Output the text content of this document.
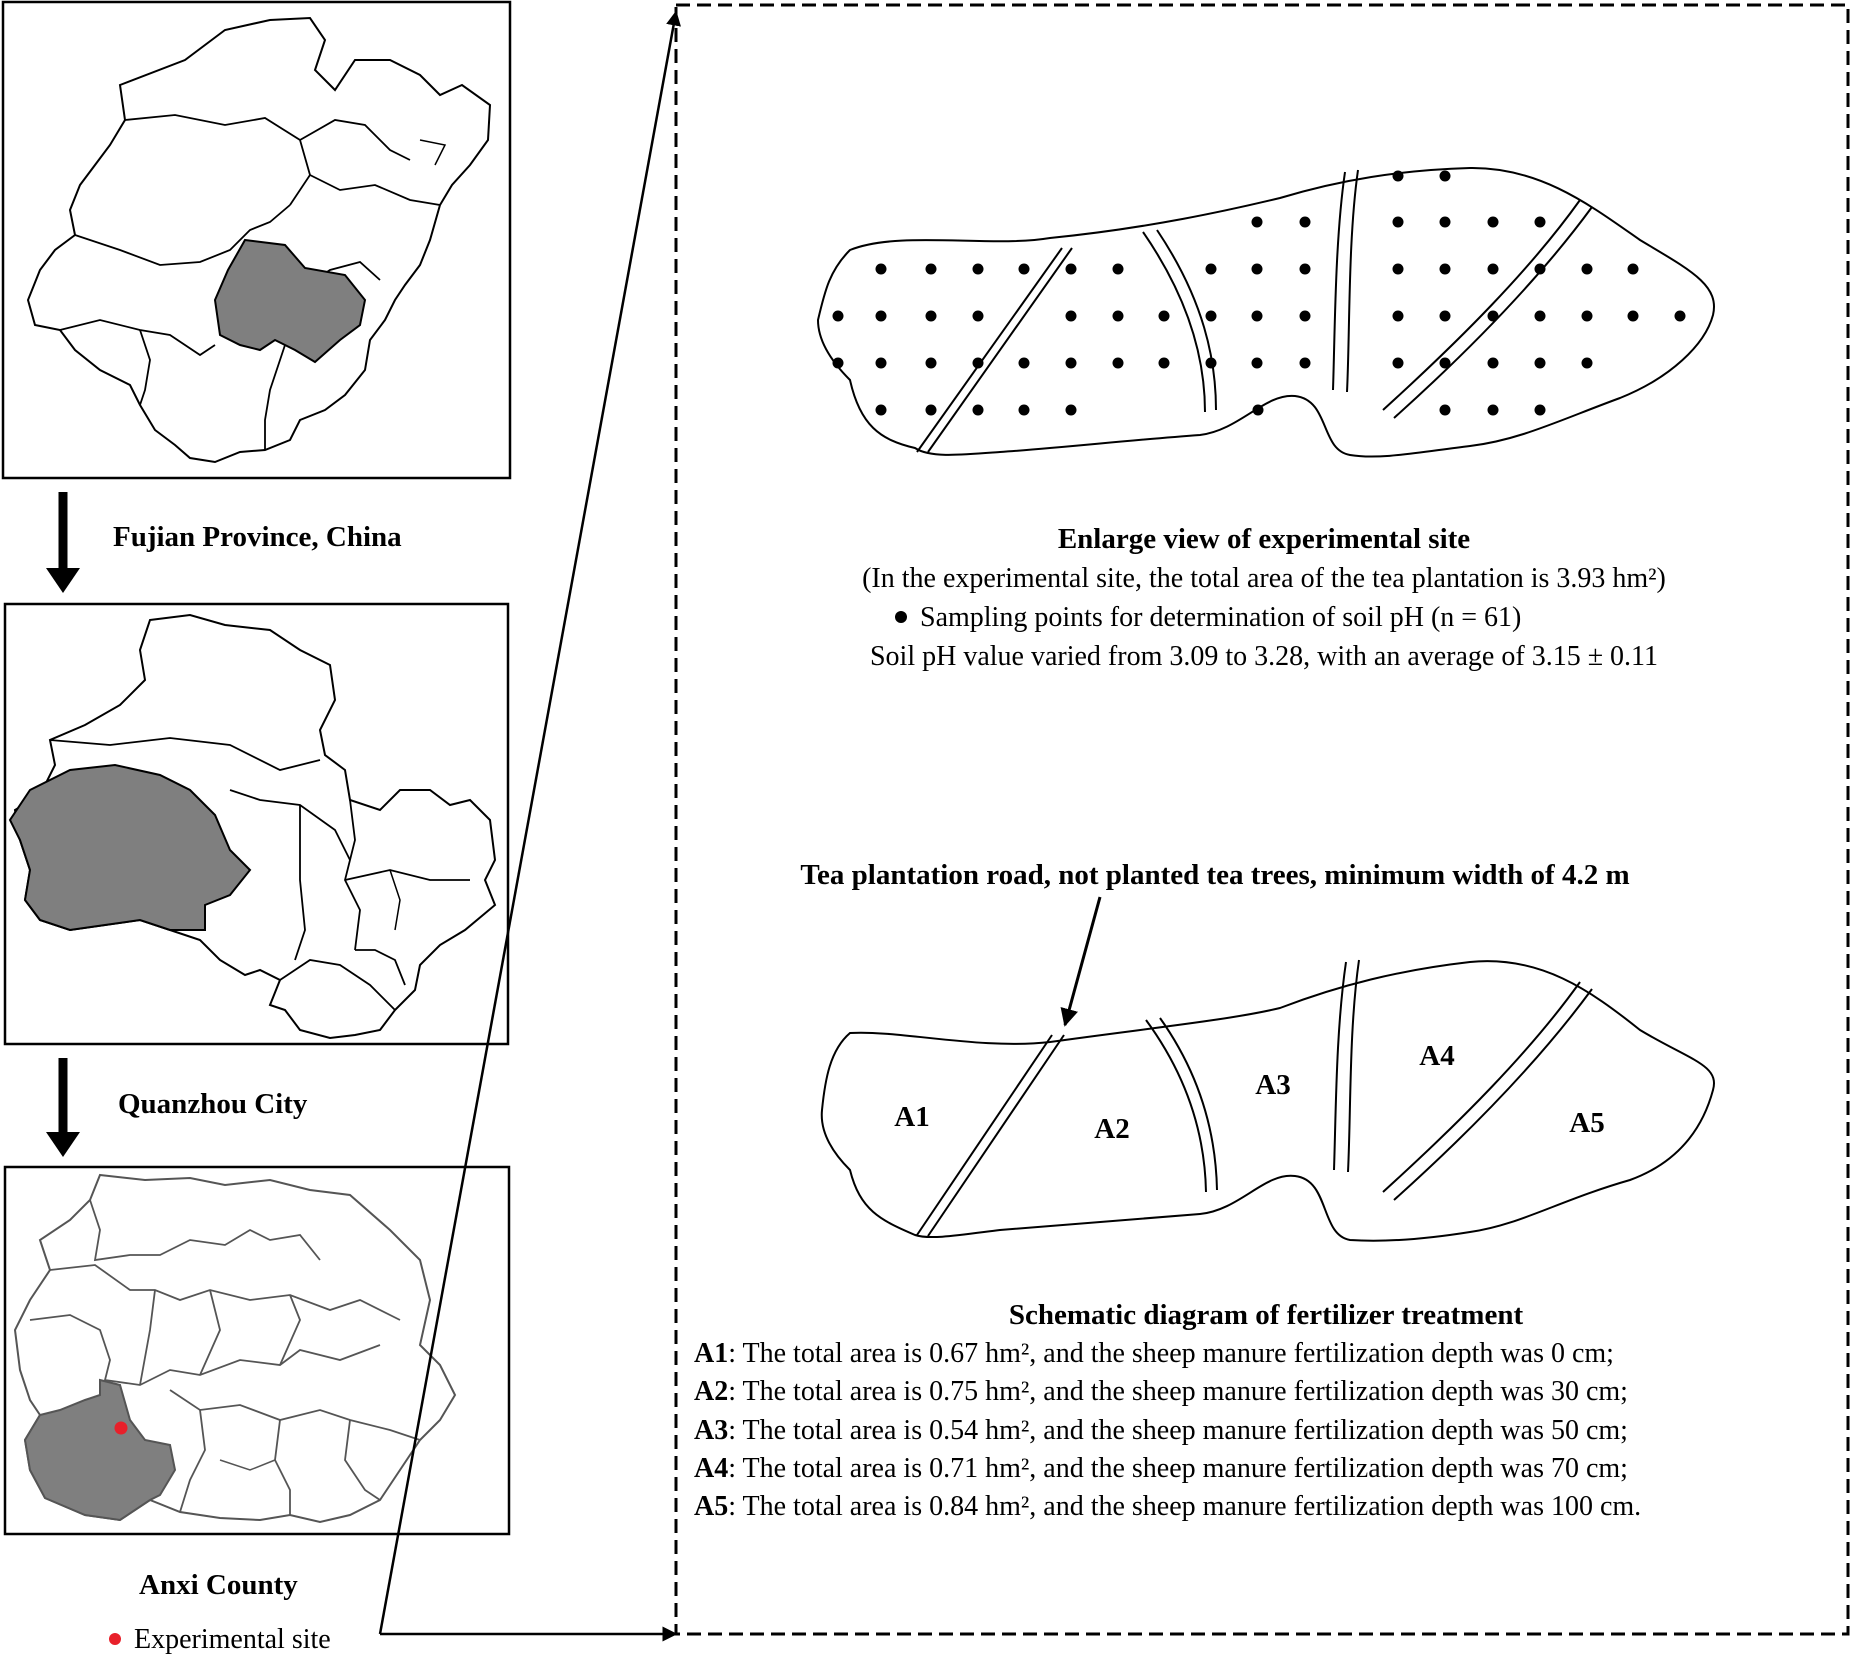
Fujian Province, China
Quanzhou City
Anxi County
Experimental site
Enlarge view of experimental site
(In the experimental site, the total area of the tea plantation is 3.93 hm²)
Sampling points for determination of soil pH (n = 61)
Soil pH value varied from 3.09 to 3.28, with an average of 3.15 ± 0.11
Tea plantation road, not planted tea trees, minimum width of 4.2 m
A1	A2
A3
A4
A5
Schematic diagram of fertilizer treatment
A1: The total area is 0.67 hm², and the sheep manure fertilization depth was 0 cm;
A2: The total area is 0.75 hm², and the sheep manure fertilization depth was 30 cm;
A3: The total area is 0.54 hm², and the sheep manure fertilization depth was 50 cm;
A4: The total area is 0.71 hm², and the sheep manure fertilization depth was 70 cm;
A5: The total area is 0.84 hm², and the sheep manure fertilization depth was 100 cm.
